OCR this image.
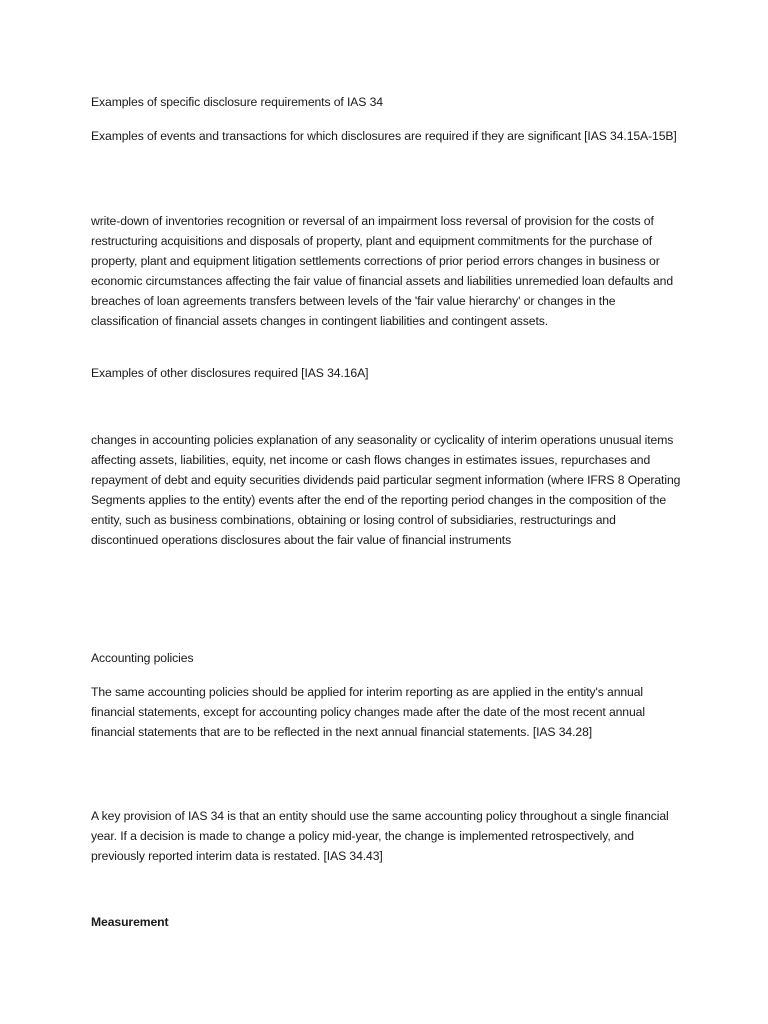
Examples of specific disclosure requirements of IAS 34

Examples of events and transactions for which disclosures are required if they are significant [IAS 34.15A-15B]

write-down of inventories recognition or reversal of an impairment loss reversal of provision for the costs of restructuring acquisitions and disposals of property, plant and equipment commitments for the purchase of property, plant and equipment litigation settlements corrections of prior period errors changes in business or economic circumstances affecting the fair value of financial assets and liabilities unremedied loan defaults and breaches of loan agreements transfers between levels of the 'fair value hierarchy' or changes in the classification of financial assets changes in contingent liabilities and contingent assets.

Examples of other disclosures required [IAS 34.16A]

changes in accounting policies explanation of any seasonality or cyclicality of interim operations unusual items affecting assets, liabilities, equity, net income or cash flows changes in estimates issues, repurchases and repayment of debt and equity securities dividends paid particular segment information (where IFRS 8 Operating Segments applies to the entity) events after the end of the reporting period changes in the composition of the entity, such as business combinations, obtaining or losing control of subsidiaries, restructurings and discontinued operations disclosures about the fair value of financial instruments

Accounting policies

The same accounting policies should be applied for interim reporting as are applied in the entity's annual financial statements, except for accounting policy changes made after the date of the most recent annual financial statements that are to be reflected in the next annual financial statements. [IAS 34.28]

A key provision of IAS 34 is that an entity should use the same accounting policy throughout a single financial year. If a decision is made to change a policy mid-year, the change is implemented retrospectively, and previously reported interim data is restated. [IAS 34.43]

Measurement
